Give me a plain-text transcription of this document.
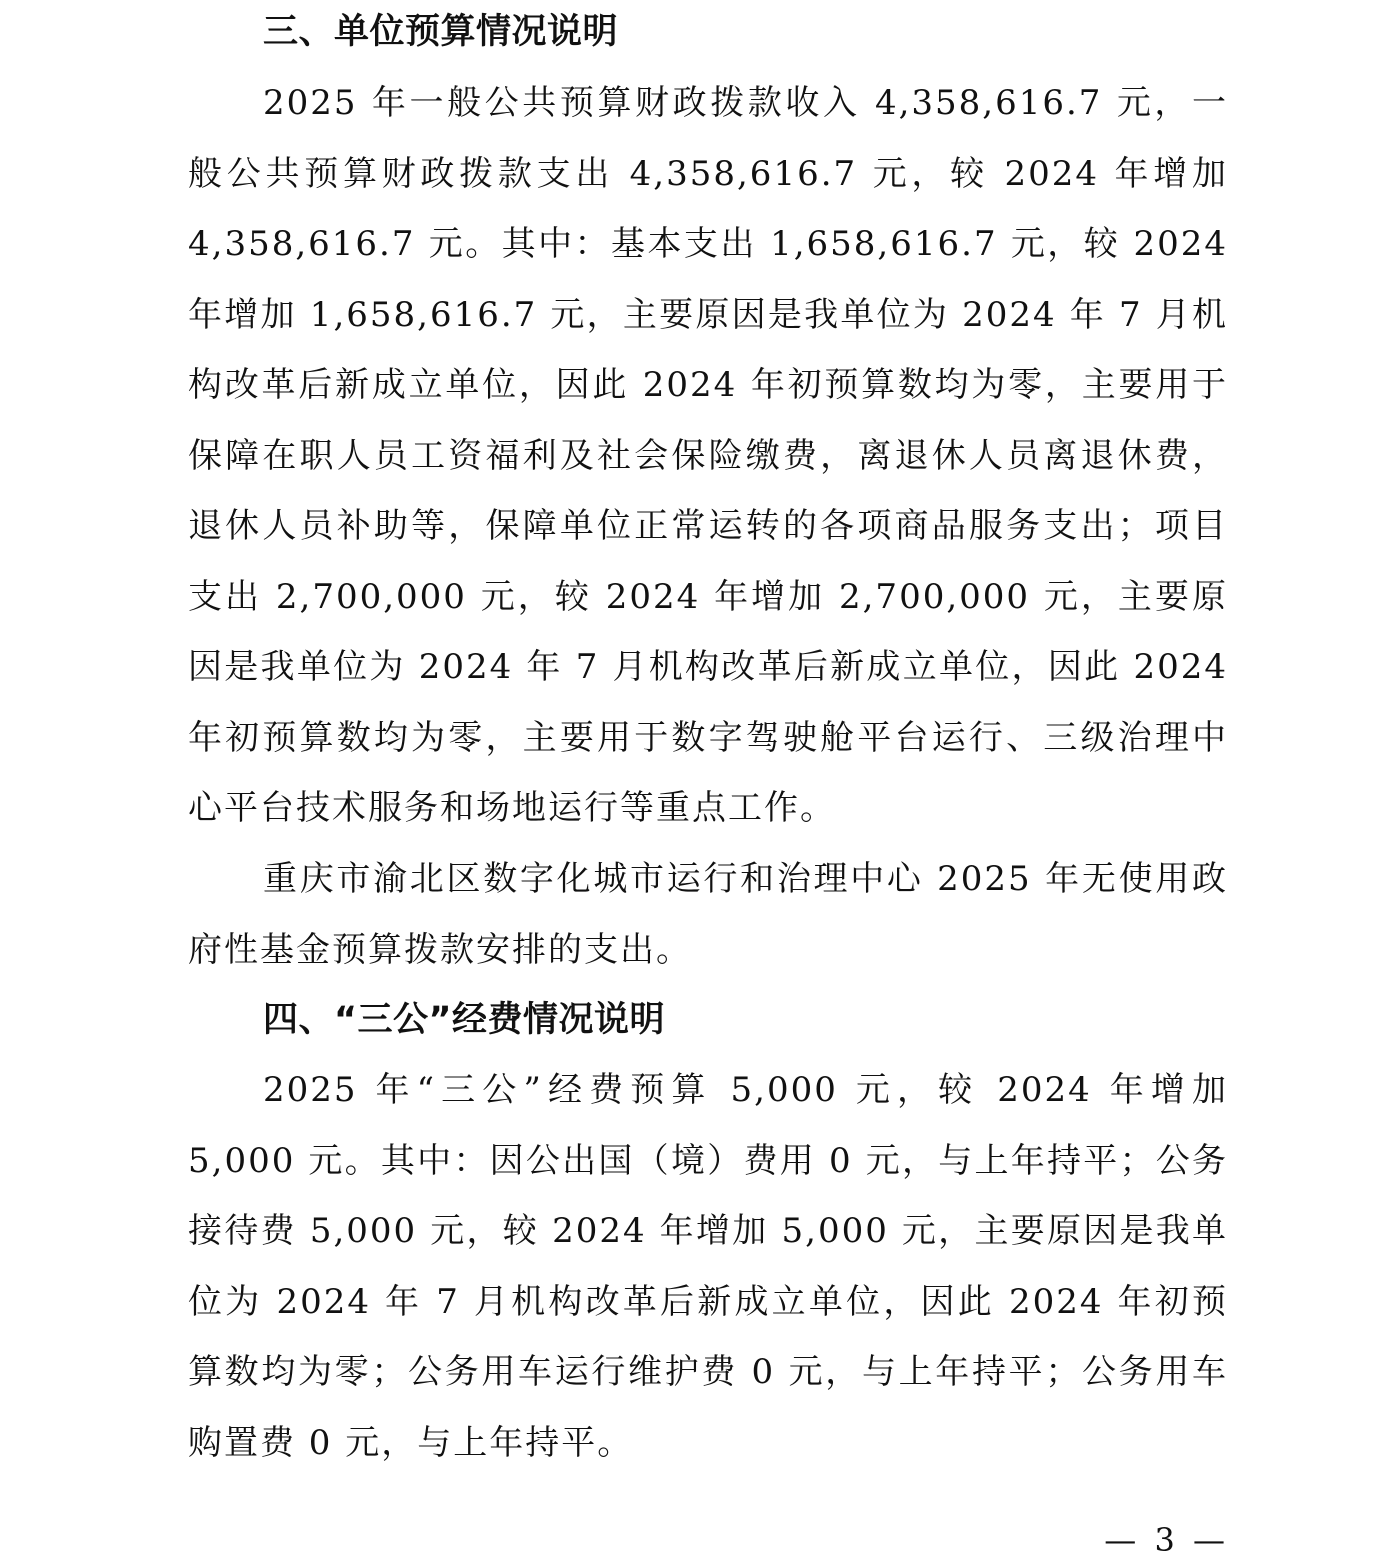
三、单位预算情况说明

2025 年一般公共预算财政拨款收入 4,358,616.7 元，一般公共预算财政拨款支出 4,358,616.7 元，较 2024 年增加 4,358,616.7 元。其中：基本支出 1,658,616.7 元，较 2024 年增加 1,658,616.7 元，主要原因是我单位为 2024 年 7 月机构改革后新成立单位，因此 2024 年初预算数均为零，主要用于保障在职人员工资福利及社会保险缴费，离退休人员离退休费，退休人员补助等，保障单位正常运转的各项商品服务支出；项目支出 2,700,000 元，较 2024 年增加 2,700,000 元，主要原因是我单位为 2024 年 7 月机构改革后新成立单位，因此 2024 年初预算数均为零，主要用于数字驾驶舱平台运行、三级治理中心平台技术服务和场地运行等重点工作。

重庆市渝北区数字化城市运行和治理中心 2025 年无使用政府性基金预算拨款安排的支出。

四、“三公”经费情况说明

2025 年“三公”经费预算 5,000 元，较 2024 年增加 5,000 元。其中：因公出国（境）费用 0 元，与上年持平；公务接待费 5,000 元，较 2024 年增加 5,000 元，主要原因是我单位为 2024 年 7 月机构改革后新成立单位，因此 2024 年初预算数均为零；公务用车运行维护费 0 元，与上年持平；公务用车购置费 0 元，与上年持平。

— 3 —
